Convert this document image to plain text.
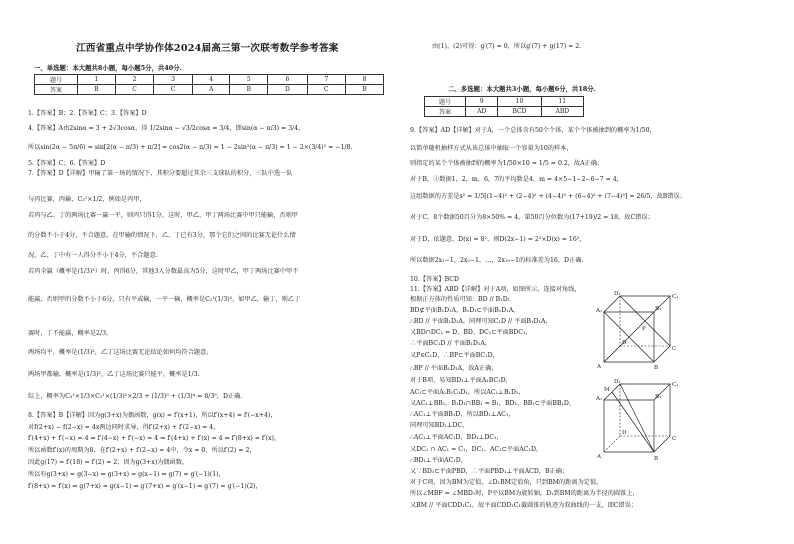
江西省重点中学协作体2024届高三第一次联考数学参考答案
一、单选题：本大题共8小题，每小题5分，共40分.
题号	1	2	3	4	5	6	7	8
答案	B	C	C	A	B	D	C	B
1.【答案】B；2.【答案】C；3.【答案】D
4.【答案】A由2sinα = 3 + 2√3cosα，得 1/2sinα − √3/2cosα = 3/4，即sin(α − π/3) = 3/4，
所以sin(2α − 5π/6) = sin[2(α − π/3) + π/2] = cos2(α − π/3) = 1 − 2sin²(α − π/3) = 1 − 2×(3/4)² = −1/8.
5.【答案】C；6.【答案】D
7.【答案】D【详解】甲输了第一场的情况下，其积分要超过其余三支球队的积分，三队中选一队
与丙比赛，丙输，C₃¹×1/2，例如是丙甲，
若丙与乙、丁的两场比赛一赢一平，则丙只得1分，这时，甲乙、甲丁两场比赛中甲只能输，否则甲
的分数不小于4分，不合题意，在甲输的情况下，乙、丁已有3分，那个它们之间的比赛无论什么情
况，乙、丁中有一人得分不小于4分，不合题意.
若丙全赢（概率是(1/3)³）时，丙得6分，其他3人分数最高为5分，这时甲乙，甲丁两场比赛中甲不
能赢，否则甲的分数不小于6分，只有平或输，一平一输，概率是C₂¹(1/3)²，如甲乙，输丁，则乙丁
赛时，丁不能赢，概率是2/3，
两场均平，概率是(1/3)²，乙丁这场比赛无论结论如何均符合题意，
两场甲都输，概率是(1/3)²，乙丁这场比赛只能平，概率是1/3.
综上，概率为C₃¹×1/3×C₂¹×(1/3)²×2/3 + (1/3)⁵ + (1/3)⁴ = 8/3⁵，D正确.
8.【答案】B【详解】因为g(3+x)为偶函数，g(x) = f′(x+1)，所以f′(x+4) = f′(−x+4)，
对f(2+x) − f(2−x) = 4x两边同时求导，得f′(2+x) + f′(2−x) = 4，
f′(4+x) + f′(−x) = 4 ⇒ f′(4−x) + f′(−x) = 4 ⇒ f′(4+x) + f′(x) = 4 ⇒ f′(8+x) = f′(x)，
所以函数f′(x)的周期为8，在f′(2+x) + f′(2−x) = 4中，令x = 0，所以f′(2) = 2，
因此g(17) = f′(18) = f′(2) = 2；因为g(3+x)为偶函数，
所以有g(3+x) = g(3−x) ⇒ g(3+x) = g(x−1) ⇒ g(7) = g′(−1)(1)，
f′(8+x) = f′(x) ⇒ g(7+x) = g(x−1) ⇒ g′(7+x) = g′(x−1) ⇒ g′(7) = g′(−1)(2)，
由(1)，(2)可得：g′(7) = 0，所以g′(7) + g(17) = 2.
二、多选题：本大题共3小题，每小题6分，共18分.
题号	9	10	11
答案	AD	BCD	ABD
9.【答案】AD【详解】对于A，一个总体含有50个个体，某个个体被抽到的概率为1/50，
以简单随机抽样方式从该总体中抽取一个容量为10的样本，
则指定的某个个体被抽到的概率为1/50×10 = 1/5 = 0.2，故A正确；
对于B，①数据1，2，m，6，7的平均数是4，m = 4×5−1−2−6−7 = 4，
这组数据的方差是s² = 1/5[(1−4)² + (2−4)² + (4−4)² + (6−4)² + (7−4)²] = 26/5，故B错误；
对于C，8个数据50百分为8×50% = 4，第50百分位数为(17+19)/2 = 18，故C错误；
对于D，依题意，D(x) = 8²，则D(2x−1) = 2²×D(x) = 16²，
所以数据2x₁−1，2x₂−1，…，2x₁₀−1的标准差为16，D正确.
10.【答案】BCD
11.【答案】ABD【详解】对于A项，如图所示，连接对角线，
根据正方体的性质可知：BD // B₁D₁
BD⊄平面B₁D₁A，B₁D₁⊂平面B₁D₁A，
∴BD // 平面B₁D₁A，同理可知C₁D // 平面B₁D₁A，
又BD∩DC₁ = D，BD、DC₁⊂平面BDC₁，
∴平面BC₁D // 平面B₁D₁A，
又P∈C₁D，∴BP⊂平面BC₁D，
∴BP // 平面B₁D₁A，故A正确；
对于B项，易知BD₁⊥平面A₁BC₁D，
AC₁⊂平面A₁B₁C₁D₁，所以AC₁⊥B₁D₁，
又AC₁⊥BB₁，B₁D₁∩BB₁ = B₁，BD₁、BB₁⊂平面BB₁D，
∴AC₁⊥平面BB₁D，所以BD₁⊥AC₁，
同理可知BD₁⊥DC，
∴AC₁⊥平面AC₁D，BD₁⊥DC₁，
又DC₁ ∩ AC₁ = C₁，DC₁、AC₁⊂平面AC₁D，
∴BD₁⊥平面AC₁D，
又∵BD₁⊂平面PBD，∴平面PBD₁⊥平面ACD，B正确；
对于C项，因为BM为定值，∠D₁BM定值角，只到BM的距离为定值，
所以∠MBF = ∠MBD₁时，P平以BM为旋转轴，D₁到BM的距离为半径的圆锥上，
又BM // 平面CDD₁C₁，故平面CDD₁C₁截圆锥的轨迹为双曲线的一支，即C错误；
A₁	B₁
C₁
D₁
A	B
C
D
P
A₁	B₁
C₁
D₁
A	B
C
D
M
